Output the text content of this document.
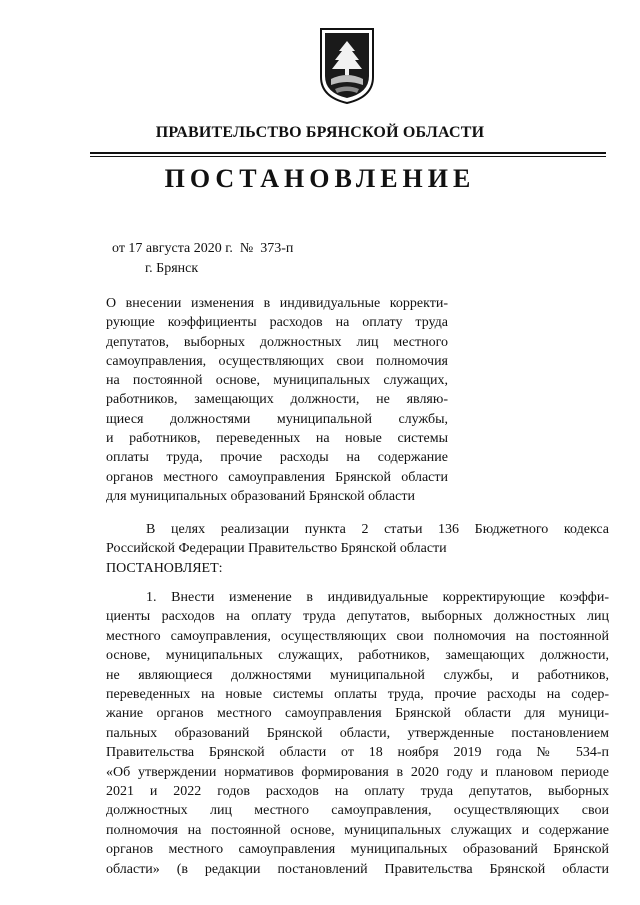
ПРАВИТЕЛЬСТВО БРЯНСКОЙ ОБЛАСТИ
ПОСТАНОВЛЕНИЕ
от 17 августа 2020 г.  №  373-п
г. Брянск
О внесении изменения в индивидуальные корректи-
рующие коэффициенты расходов на оплату труда
депутатов, выборных должностных лиц местного
самоуправления, осуществляющих свои полномочия
на постоянной основе, муниципальных служащих,
работников, замещающих должности, не являю-
щиеся должностями муниципальной службы,
и работников, переведенных на новые системы
оплаты труда, прочие расходы на содержание
органов местного самоуправления Брянской области
для муниципальных образований Брянской области
В целях реализации пункта 2 статьи 136 Бюджетного кодекса
Российской Федерации Правительство Брянской области
ПОСТАНОВЛЯЕТ:
1. Внести изменение в индивидуальные корректирующие коэффи-
циенты расходов на оплату труда депутатов, выборных должностных лиц
местного самоуправления, осуществляющих свои полномочия на постоянной
основе, муниципальных служащих, работников, замещающих должности,
не являющиеся должностями муниципальной службы, и работников,
переведенных на новые системы оплаты труда, прочие расходы на содер-
жание органов местного самоуправления Брянской области для муници-
пальных образований Брянской области, утвержденные постановлением
Правительства Брянской области от 18 ноября 2019 года № 534-п
«Об утверждении нормативов формирования в 2020 году и плановом периоде
2021 и 2022 годов расходов на оплату труда депутатов, выборных
должностных лиц местного самоуправления, осуществляющих свои
полномочия на постоянной основе, муниципальных служащих и содержание
органов местного самоуправления муниципальных образований Брянской
области» (в редакции постановлений Правительства Брянской области
